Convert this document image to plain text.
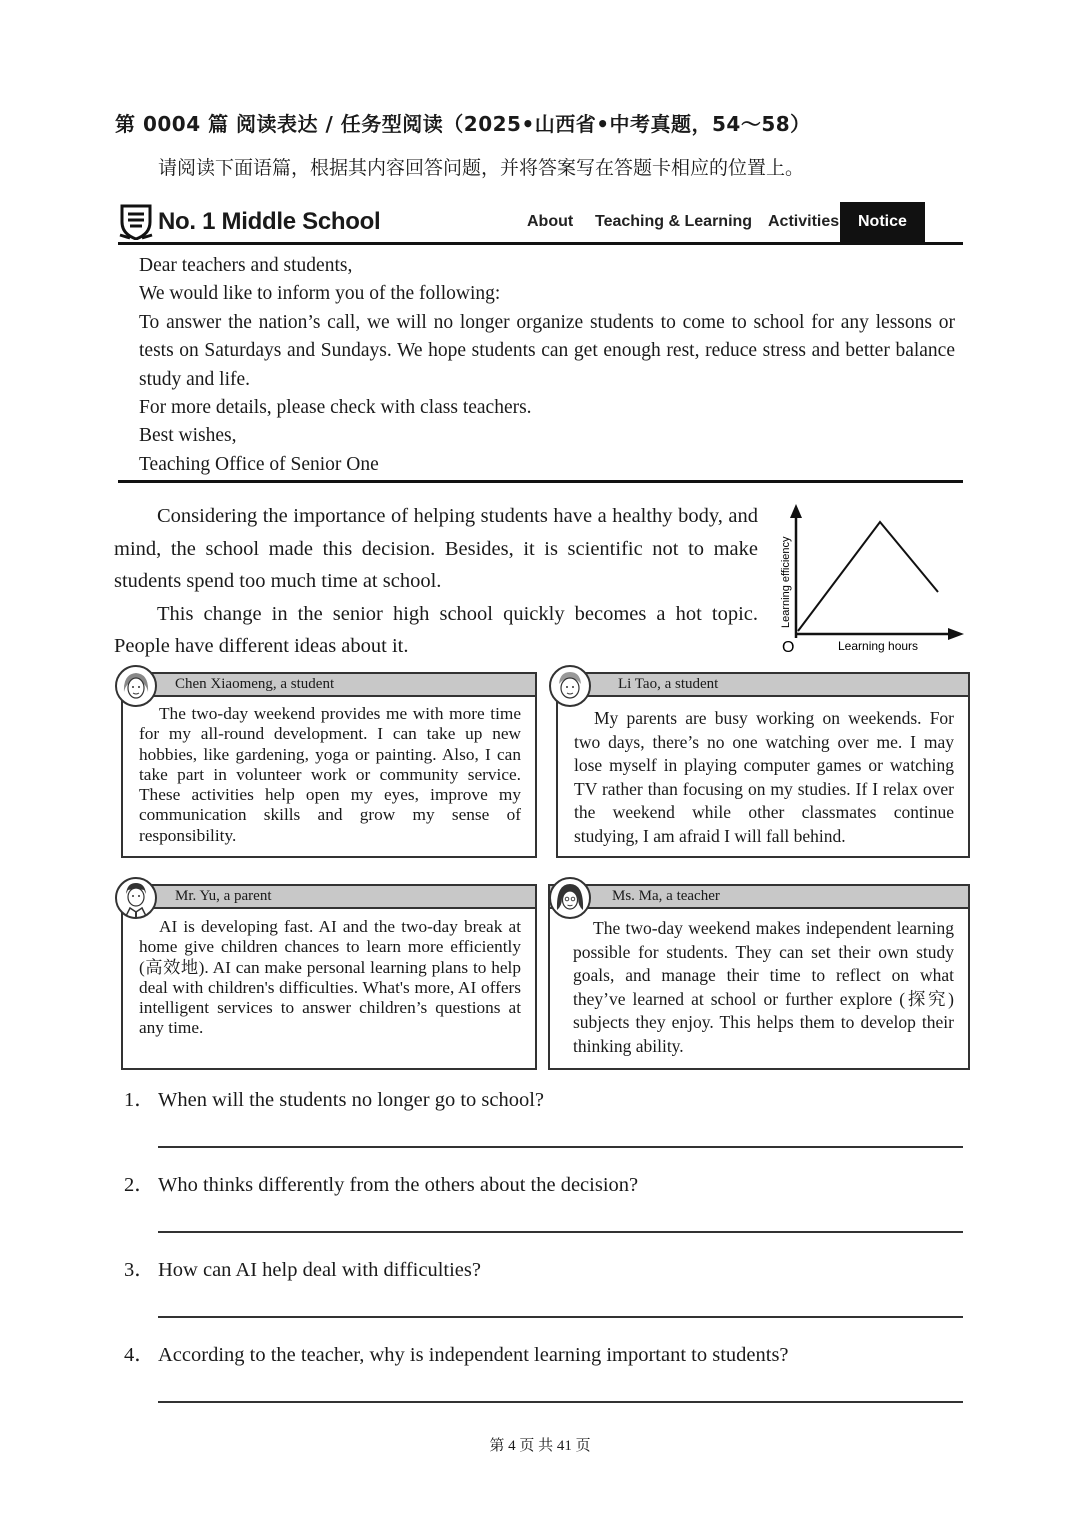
第 0004 篇 阅读表达 / 任务型阅读（2025•山西省•中考真题，54～58）
请阅读下面语篇，根据其内容回答问题，并将答案写在答题卡相应的位置上。
No. 1 Middle School	About Teaching & Learning Activities	Notice

Dear teachers and students,

We would like to inform you of the following:

To answer the nation’s call, we will no longer organize students to come to school for any lessons or tests on Saturdays and Sundays. We hope students can get enough rest, reduce stress and better balance study and life.

For more details, please check with class teachers.

Best wishes,

Teaching Office of Senior One

Considering the importance of helping students have a healthy body, and mind, the school made this decision. Besides, it is scientific not to make students spend too much time at school.

This change in the senior high school quickly becomes a hot topic. People have different ideas about it.

Learning efficiency
Learning hours
O
Chen Xiaomeng, a student
The two-day weekend provides me with more time for my all-round development. I can take up new hobbies, like gardening, yoga or painting. Also, I can take part in volunteer work or community service. These activities help open my eyes, improve my communication skills and grow my sense of responsibility.
Li Tao, a student
My parents are busy working on weekends. For two days, there’s no one watching over me. I may lose myself in playing computer games or watching TV rather than focusing on my studies. If I relax over the weekend while other classmates continue studying, I am afraid I will fall behind.
Mr. Yu, a parent
AI is developing fast. AI and the two-day break at home give children chances to learn more efficiently (高效地). AI can make personal learning plans to help deal with children's difficulties. What's more, AI offers intelligent services to answer children’s questions at any time.
Ms. Ma, a teacher
The two-day weekend makes independent learning possible for students. They can set their own study goals, and manage their time to reflect on what they’ve learned at school or further explore (探究) subjects they enjoy. This helps them to develop their thinking ability.
1． When will the students no longer go to school?
2． Who thinks differently from the others about the decision?
3． How can AI help deal with difficulties?
4． According to the teacher, why is independent learning important to students?
第 4 页 共 41 页
